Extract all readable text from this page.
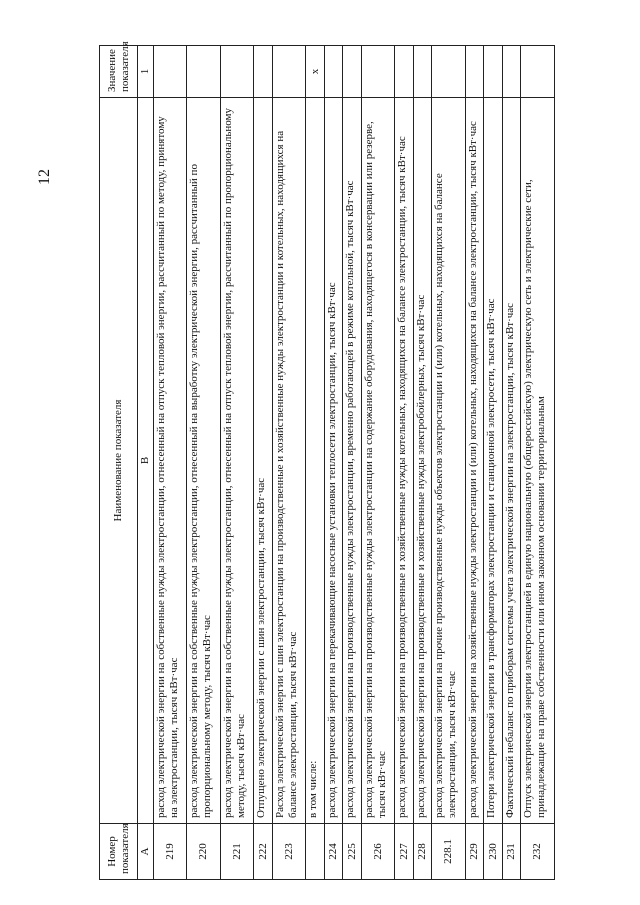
12
Номер показателя	Наименование показателя	Значение показателя
А	В	1
219	расход электрической энергии на собственные нужды электростанции, отнесенный на отпуск тепловой энергии, рассчитанный по методу, принятому на электростанции, тысяч кВт·час	
220	расход электрической энергии на собственные нужды электростанции, отнесенный на выработку электрической энергии, рассчитанный по пропорциональному методу, тысяч кВт·час	
221	расход электрической энергии на собственные нужды электростанции, отнесенный на отпуск тепловой энергии, рассчитанный по пропорциональному методу, тысяч кВт·час	
222	Отпущено электрической энергии с шин электростанции, тысяч кВт·час	
223	Расход электрической энергии с шин электростанции на производственные и хозяйственные нужды электростанции и котельных, находящихся на балансе электростанции, тысяч кВт·час	
	в том числе:	х
224	расход электрической энергии на перекачивающие насосные установки теплосети электростанции, тысяч кВт·час	
225	расход электрической энергии на производственные нужды электростанции, временно работающей в режиме котельной, тысяч кВт·час	
226	расход электрической энергии на производственные нужды электростанции на содержание оборудования, находящегося в консервации или резерве, тысяч кВт·час	
227	расход электрической энергии на производственные и хозяйственные нужды котельных, находящихся на балансе электростанции, тысяч кВт·час	
228	расход электрической энергии на производственные и хозяйственные нужды электробойлерных, тысяч кВт·час	
228.1	расход электрической энергии на прочие производственные нужды объектов электростанции и (или) котельных, находящихся на балансе электростанции, тысяч кВт·час	
229	расход электрической энергии на хозяйственные нужды электростанции и (или) котельных, находящихся на балансе электростанции, тысяч кВт·час	
230	Потери электрической энергии в трансформаторах электростанции и станционной электросети, тысяч кВт·час	
231	Фактический небаланс по приборам системы учета электрической энергии на электростанции, тысяч кВт·час	
232	Отпуск электрической энергии электростанцией в единую национальную (общероссийскую) электрическую сеть и электрические сети, принадлежащие на праве собственности или ином законном основании территориальным	
